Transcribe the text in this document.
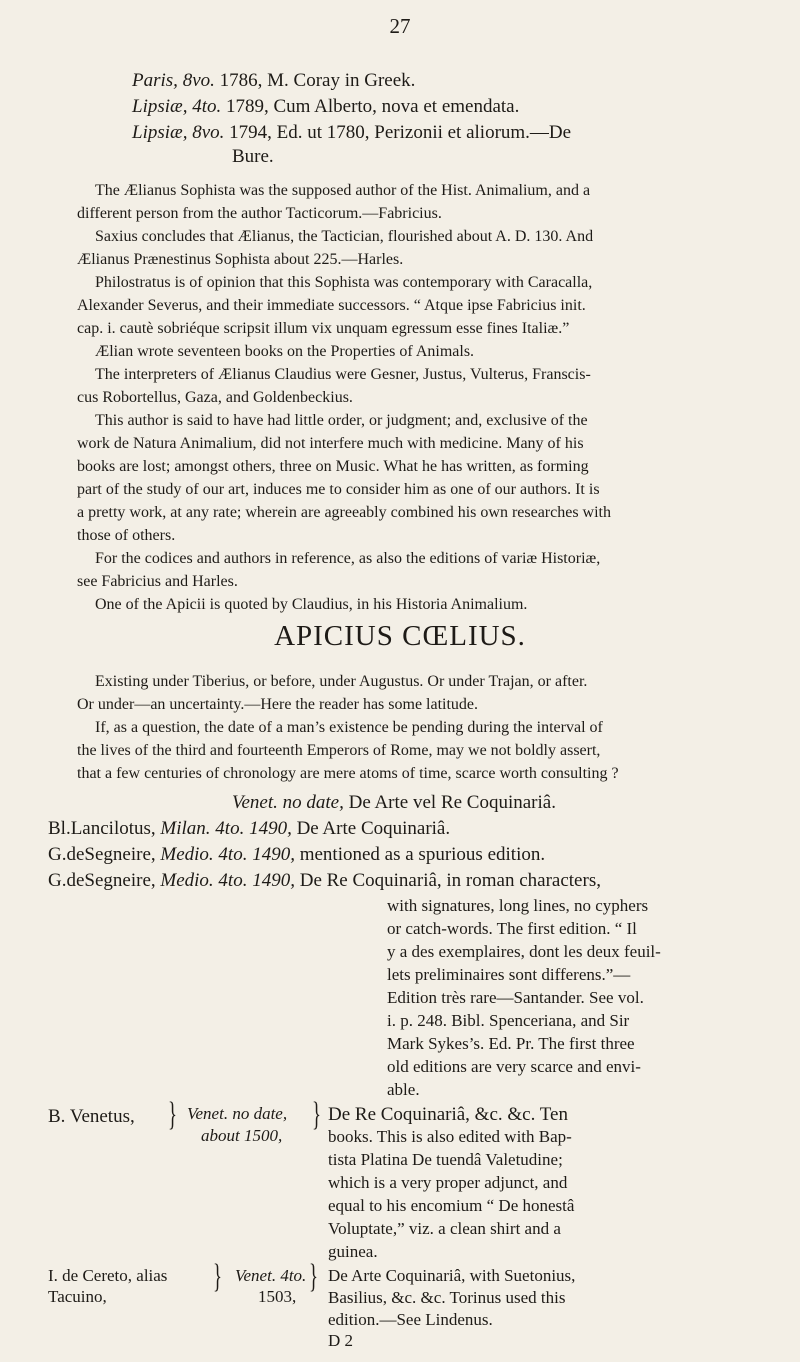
27
Paris, 8vo. 1786, M. Coray in Greek.
Lipsiæ, 4to. 1789, Cum Alberto, nova et emendata.
Lipsiæ, 8vo. 1794, Ed. ut 1780, Perizonii et aliorum.—De
Bure.
The Ælianus Sophista was the supposed author of the Hist. Animalium, and a
different person from the author Tacticorum.—Fabricius.
Saxius concludes that Ælianus, the Tactician, flourished about A. D. 130. And
Ælianus Prænestinus Sophista about 225.—Harles.
Philostratus is of opinion that this Sophista was contemporary with Caracalla,
Alexander Severus, and their immediate successors. “ Atque ipse Fabricius init.
cap. i. cautè sobriéque scripsit illum vix unquam egressum esse fines Italiæ.”
Ælian wrote seventeen books on the Properties of Animals.
The interpreters of Ælianus Claudius were Gesner, Justus, Vulterus, Franscis-
cus Robortellus, Gaza, and Goldenbeckius.
This author is said to have had little order, or judgment; and, exclusive of the
work de Natura Animalium, did not interfere much with medicine. Many of his
books are lost; amongst others, three on Music. What he has written, as forming
part of the study of our art, induces me to consider him as one of our authors. It is
a pretty work, at any rate; wherein are agreeably combined his own researches with
those of others.
For the codices and authors in reference, as also the editions of variæ Historiæ,
see Fabricius and Harles.
One of the Apicii is quoted by Claudius, in his Historia Animalium.
APICIUS CŒLIUS.
Existing under Tiberius, or before, under Augustus. Or under Trajan, or after.
Or under—an uncertainty.—Here the reader has some latitude.
If, as a question, the date of a man’s existence be pending during the interval of
the lives of the third and fourteenth Emperors of Rome, may we not boldly assert,
that a few centuries of chronology are mere atoms of time, scarce worth consulting ?
Venet. no date, De Arte vel Re Coquinariâ.
Bl.Lancilotus, Milan. 4to. 1490, De Arte Coquinariâ.
G.deSegneire, Medio. 4to. 1490, mentioned as a spurious edition.
G.deSegneire, Medio. 4to. 1490, De Re Coquinariâ, in roman characters,
with signatures, long lines, no cyphers
or catch-words. The first edition. “ Il
y a des exemplaires, dont les deux feuil-
lets preliminaires sont differens.”—
Edition très rare—Santander. See vol.
i. p. 248. Bibl. Spenceriana, and Sir
Mark Sykes’s. Ed. Pr. The first three
old editions are very scarce and envi-
able.
B. Venetus, } Venet. no date,
about 1500,
} De Re Coquinariâ, &c. &c. Ten
books. This is also edited with Bap-
tista Platina De tuendâ Valetudine;
which is a very proper adjunct, and
equal to his encomium “ De honestâ
Voluptate,” viz. a clean shirt and a
guinea.
I. de Cereto, alias
Tacuino,
} Venet. 4to.
1503,
} De Arte Coquinariâ, with Suetonius,
Basilius, &c. &c. Torinus used this
edition.—See Lindenus.
D 2
